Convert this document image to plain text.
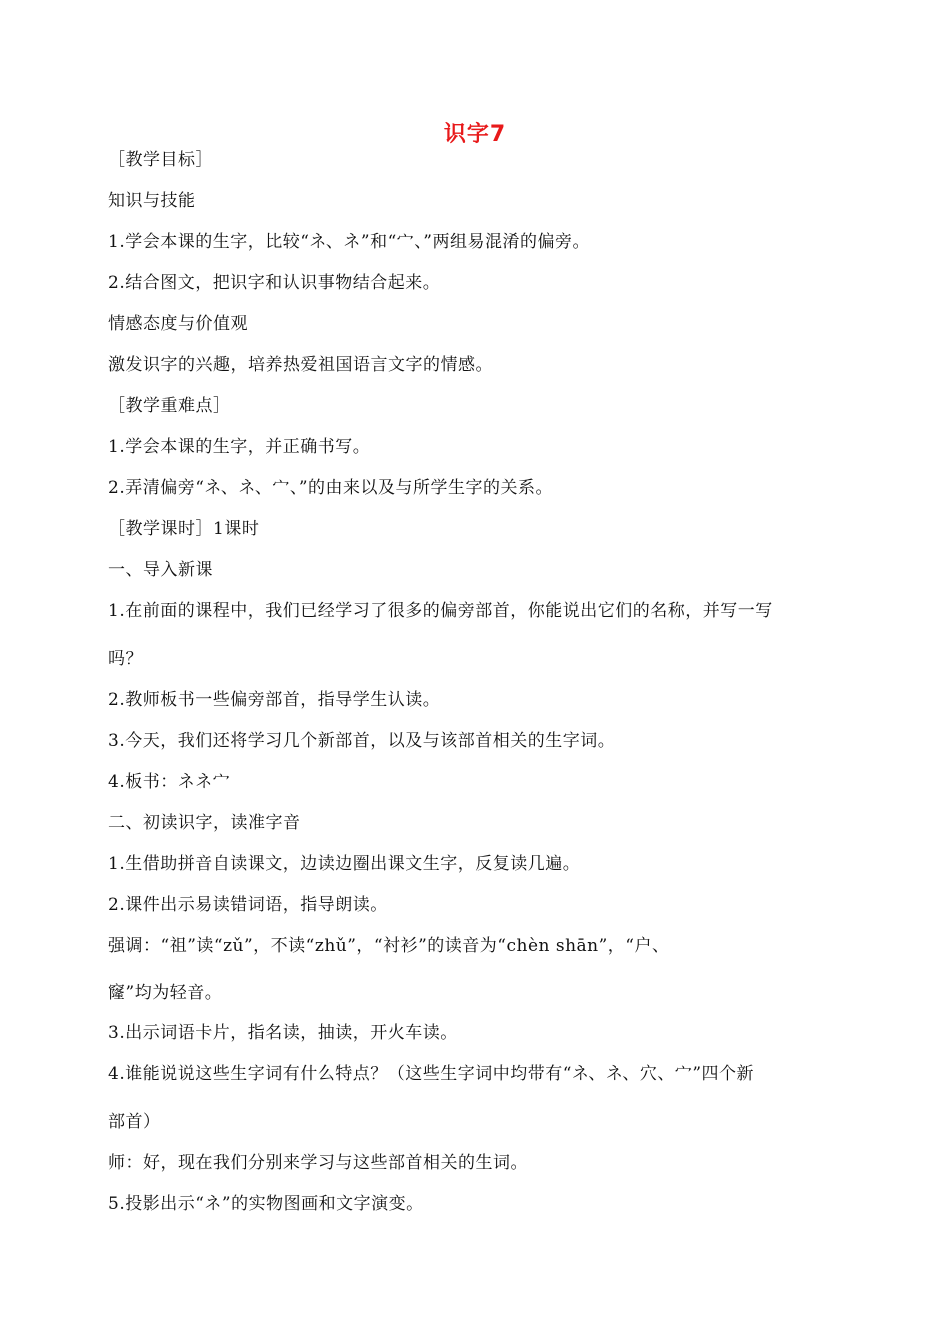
识字7
［教学目标］
知识与技能
1.学会本课的生字，比较“ネ、ネ”和“宀、”两组易混淆的偏旁。
2.结合图文，把识字和认识事物结合起来。
情感态度与价值观
激发识字的兴趣，培养热爱祖国语言文字的情感。
［教学重难点］
1.学会本课的生字，并正确书写。
2.弄清偏旁“ネ、ネ、宀、”的由来以及与所学生字的关系。
［教学课时］1课时
一、导入新课
1.在前面的课程中，我们已经学习了很多的偏旁部首，你能说出它们的名称，并写一写
吗？
2.教师板书一些偏旁部首，指导学生认读。
3.今天，我们还将学习几个新部首，以及与该部首相关的生字词。
4.板书：ネネ宀
二、初读识字，读准字音
1.生借助拼音自读课文，边读边圈出课文生字，反复读几遍。
2.课件出示易读错词语，指导朗读。
强调：“祖”读“zǔ”，不读“zhǔ”，“衬衫”的读音为“chèn shān”，“户、
窿”均为轻音。
3.出示词语卡片，指名读，抽读，开火车读。
4.谁能说说这些生字词有什么特点？（这些生字词中均带有“ネ、ネ、穴、宀”四个新
部首）
师：好，现在我们分别来学习与这些部首相关的生词。
5.投影出示“ネ”的实物图画和文字演变。
